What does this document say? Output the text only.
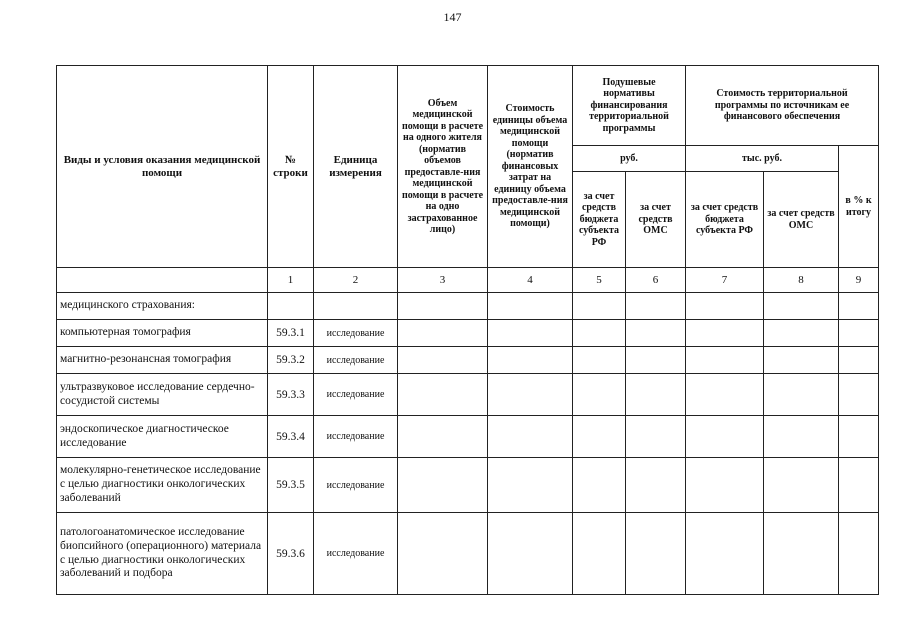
147
Виды и условия оказания медицинской помощи	№ строки	Единица измерения	Объем медицинской помощи в расчете на одного жителя (норматив объемов предоставле-ния медицинской помощи в расчете на одно застрахованное лицо)	Стоимость единицы объема медицинской помощи (норматив финансовых затрат на единицу объема предоставле-ния медицинской помощи)	Подушевые нормативы финансирования территориальной программы		Стоимость территориальной программы по источникам ее финансового обеспечения		
					руб.		тыс. руб.		в % к итогу
					за счет средств бюджета субъекта РФ	за счет средств ОМС	за счет средств бюджета субъекта РФ	за счет средств ОМС	
	1	2	3	4	5	6	7	8	9
медицинского страхования:									
компьютерная томография	59.3.1	исследование							
магнитно-резонансная томография	59.3.2	исследование							
ультразвуковое исследование сердечно-сосудистой системы	59.3.3	исследование							
эндоскопическое диагностическое исследование	59.3.4	исследование							
молекулярно-генетическое исследование с целью диагностики онкологических заболеваний	59.3.5	исследование							
патологоанатомическое исследование биопсийного (операционного) материала с целью диагностики онкологических заболеваний и подбора	59.3.6	исследование							
